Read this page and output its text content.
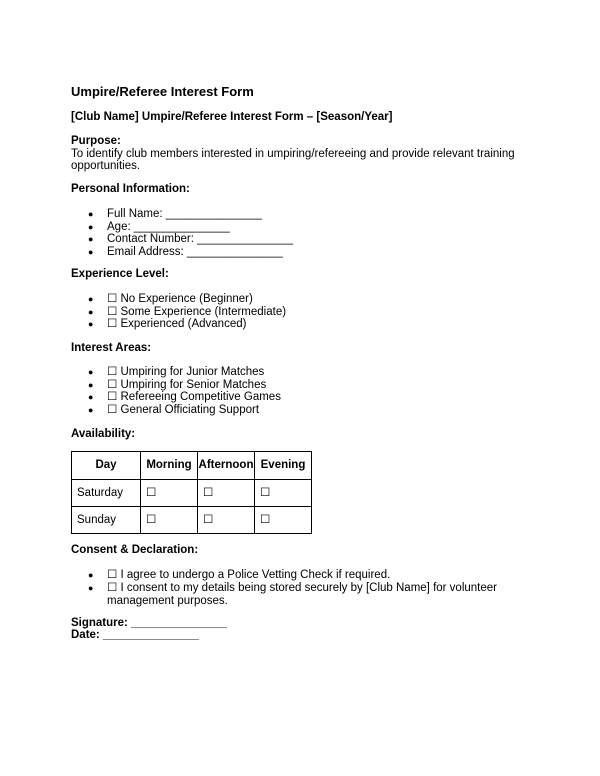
Umpire/Referee Interest Form
[Club Name] Umpire/Referee Interest Form – [Season/Year]
Purpose:
To identify club members interested in umpiring/refereeing and provide relevant training
opportunities.
Personal Information:
● Full Name: _______________
● Age: _______________
● Contact Number: _______________
● Email Address: _______________
Experience Level:
● ☐ No Experience (Beginner)
● ☐ Some Experience (Intermediate)
● ☐ Experienced (Advanced)
Interest Areas:
● ☐ Umpiring for Junior Matches
● ☐ Umpiring for Senior Matches
● ☐ Refereeing Competitive Games
● ☐ General Officiating Support
Availability:
Day	Morning	Afternoon	Evening
Saturday	☐	☐	☐
Sunday	☐	☐	☐
Consent & Declaration:
● ☐ I agree to undergo a Police Vetting Check if required.
● ☐ I consent to my details being stored securely by [Club Name] for volunteer management purposes.
Signature: _______________
Date: _______________
